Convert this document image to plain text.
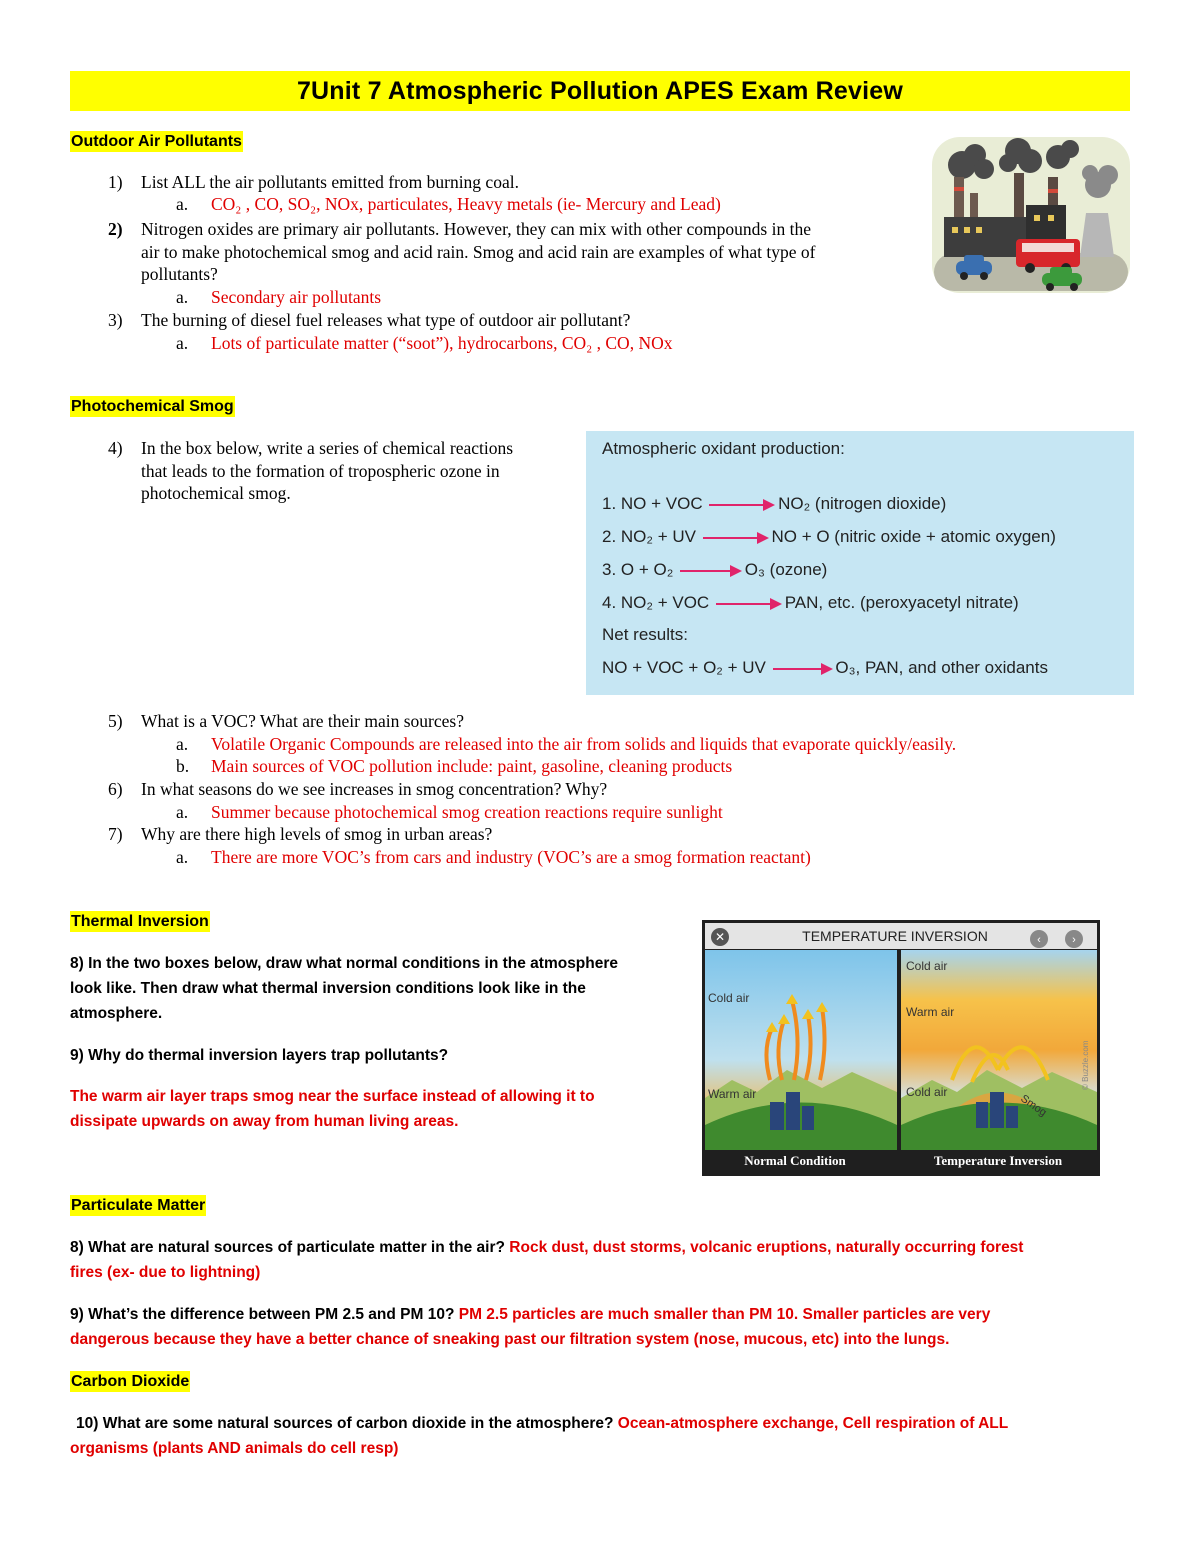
7Unit 7 Atmospheric Pollution APES Exam Review
Outdoor Air Pollutants
1) List ALL the air pollutants emitted from burning coal.
a. CO₂ , CO, SO₂, NOx, particulates, Heavy metals (ie- Mercury and Lead)
2) Nitrogen oxides are primary air pollutants. However, they can mix with other compounds in the
air to make photochemical smog and acid rain. Smog and acid rain are examples of what type of
pollutants?
a. Secondary air pollutants
3) The burning of diesel fuel releases what type of outdoor air pollutant?
a. Lots of particulate matter (“soot”), hydrocarbons, CO₂ , CO, NOx
Photochemical Smog
4) In the box below, write a series of chemical reactions
that leads to the formation of tropospheric ozone in
photochemical smog.
Atmospheric oxidant production:
1. NO + VOC → NO₂ (nitrogen dioxide)
2. NO₂ + UV → NO + O (nitric oxide + atomic oxygen)
3. O + O₂ → O₃ (ozone)
4. NO₂ + VOC → PAN, etc. (peroxyacetyl nitrate)
Net results:
NO + VOC + O₂ + UV → O₃, PAN, and other oxidants
5) What is a VOC? What are their main sources?
a. Volatile Organic Compounds are released into the air from solids and liquids that evaporate quickly/easily.
b. Main sources of VOC pollution include: paint, gasoline, cleaning products
6) In what seasons do we see increases in smog concentration? Why?
a. Summer because photochemical smog creation reactions require sunlight
7) Why are there high levels of smog in urban areas?
a. There are more VOC’s from cars and industry (VOC’s are a smog formation reactant)
Thermal Inversion
8) In the two boxes below, draw what normal conditions in the atmosphere
look like. Then draw what thermal inversion conditions look like in the
atmosphere.
9) Why do thermal inversion layers trap pollutants?
The warm air layer traps smog near the surface instead of allowing it to
dissipate upwards on away from human living areas.
✕	‹	›
TEMPERATURE INVERSION
Cold air
Warm air
Cold air
Warm air
Cold air
Smog
© Buzzle.com
Normal Condition	Temperature Inversion
Particulate Matter
8) What are natural sources of particulate matter in the air? Rock dust, dust storms, volcanic eruptions, naturally occurring forest
fires (ex- due to lightning)
9) What’s the difference between PM 2.5 and PM 10? PM 2.5 particles are much smaller than PM 10. Smaller particles are very
dangerous because they have a better chance of sneaking past our filtration system (nose, mucous, etc) into the lungs.
Carbon Dioxide
10) What are some natural sources of carbon dioxide in the atmosphere? Ocean-atmosphere exchange, Cell respiration of ALL
organisms (plants AND animals do cell resp)
